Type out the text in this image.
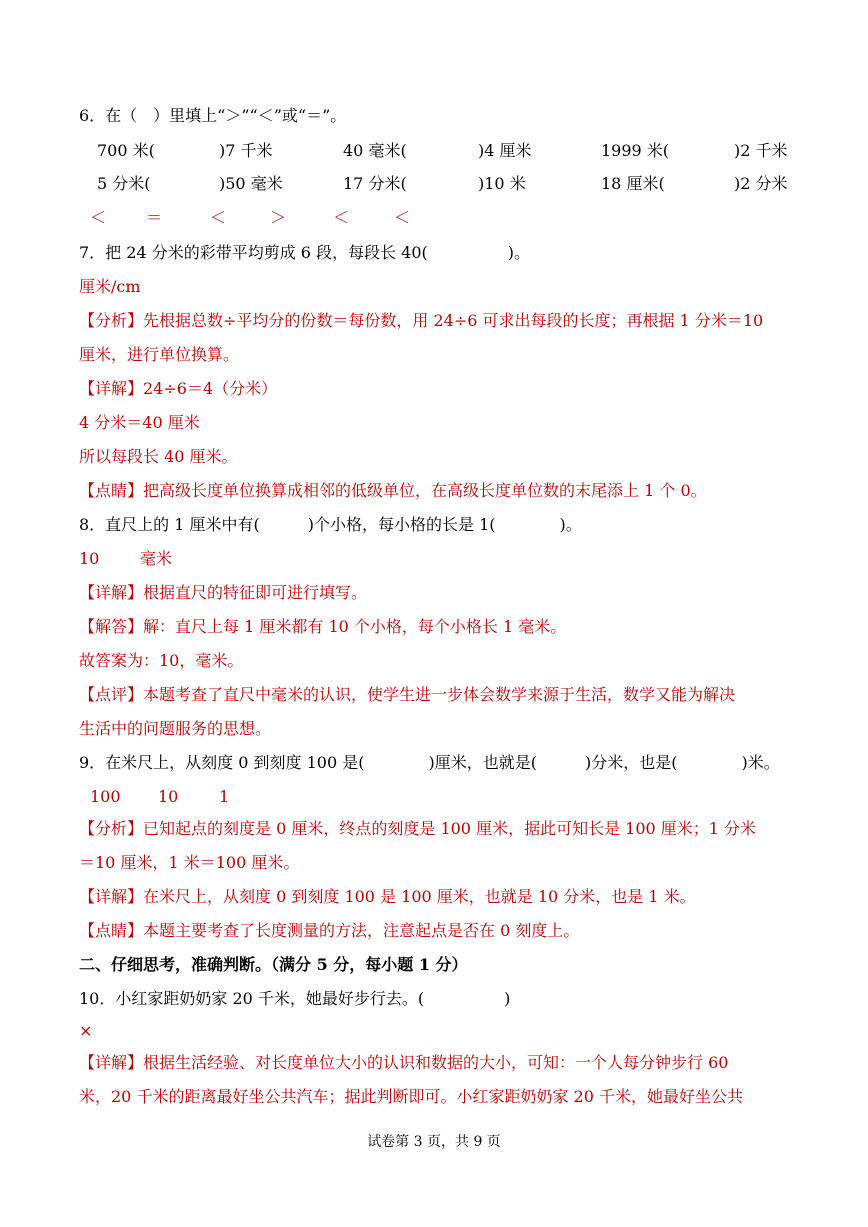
6．在（　）里填上“＞”“＜”或“＝”。
700 米(	)7 千米	40 毫米(	)4 厘米	1999 米(	)2 千米
5 分米(	)50 毫米	17 分米(	)10 米	18 厘米(	)2 分米
＜ ＝	＜	＞	＜	＜
7．把 24 分米的彩带平均剪成 6 段，每段长 40(　　　　　)。
厘米/cm
【分析】先根据总数÷平均分的份数＝每份数，用 24÷6 可求出每段的长度；再根据 1 分米＝10
厘米，进行单位换算。
【详解】24÷6＝4（分米）
4 分米＝40 厘米
所以每段长 40 厘米。
【点睛】把高级长度单位换算成相邻的低级单位，在高级长度单位数的末尾添上 1 个 0。
8．直尺上的 1 厘米中有(　　　)个小格，每小格的长是 1(　　　　)。
10	毫米
【详解】根据直尺的特征即可进行填写。
【解答】解：直尺上每 1 厘米都有 10 个小格，每个小格长 1 毫米。
故答案为：10，毫米。
【点评】本题考查了直尺中毫米的认识，使学生进一步体会数学来源于生活，数学又能为解决
生活中的问题服务的思想。
9．在米尺上，从刻度 0 到刻度 100 是(　　　　)厘米，也就是(　　　)分米，也是(　　　　)米。
100 10	1
【分析】已知起点的刻度是 0 厘米，终点的刻度是 100 厘米，据此可知长是 100 厘米；1 分米
＝10 厘米，1 米＝100 厘米。
【详解】在米尺上，从刻度 0 到刻度 100 是 100 厘米，也就是 10 分米，也是 1 米。
【点睛】本题主要考查了长度测量的方法，注意起点是否在 0 刻度上。
二、仔细思考，准确判断。（满分 5 分，每小题 1 分）
10．小红家距奶奶家 20 千米，她最好步行去。(　　　　　)
×
【详解】根据生活经验、对长度单位大小的认识和数据的大小，可知：一个人每分钟步行 60
米，20 千米的距离最好坐公共汽车；据此判断即可。小红家距奶奶家 20 千米，她最好坐公共
试卷第 3 页，共 9 页
